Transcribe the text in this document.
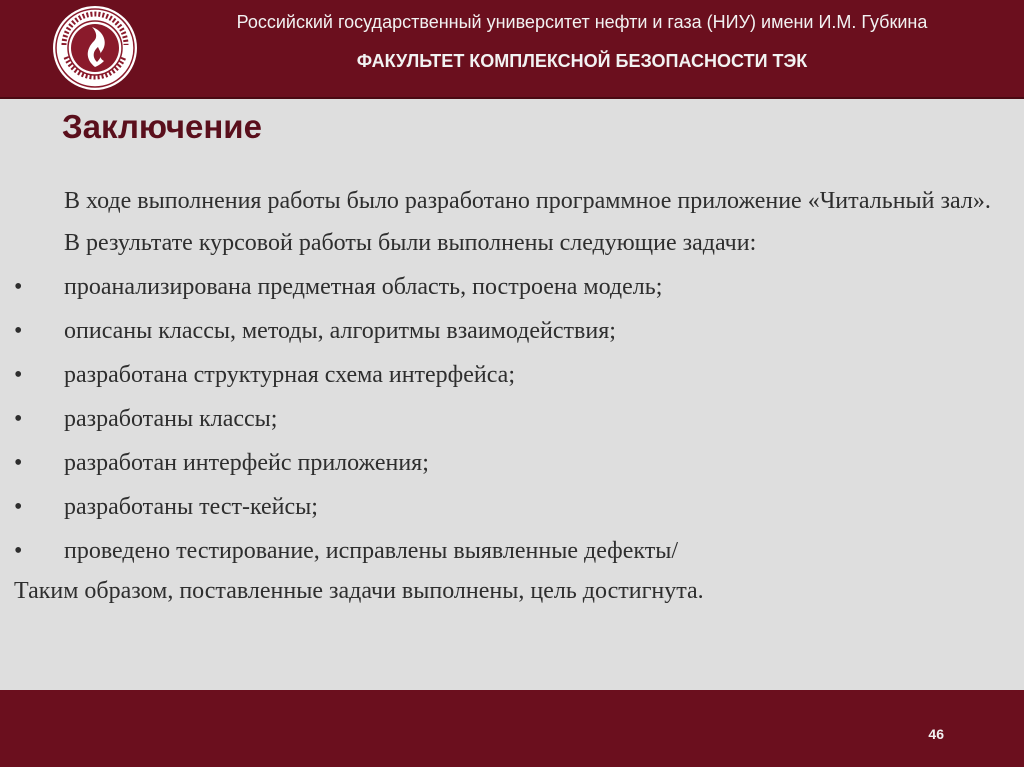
Российский государственный университет нефти и газа (НИУ) имени И.М. Губкина
ФАКУЛЬТЕТ КОМПЛЕКСНОЙ БЕЗОПАСНОСТИ ТЭК
Заключение

В ходе выполнения работы было разработано программное приложение «Читальный зал».

В результате курсовой работы были выполнены следующие задачи:

• проанализирована предметная область, построена модель;
• описаны классы, методы, алгоритмы взаимодействия;
• разработана структурная схема интерфейса;
• разработаны классы;
• разработан интерфейс приложения;
• разработаны тест-кейсы;
• проведено тестирование, исправлены выявленные дефекты/

Таким образом, поставленные задачи выполнены, цель достигнута.

46
